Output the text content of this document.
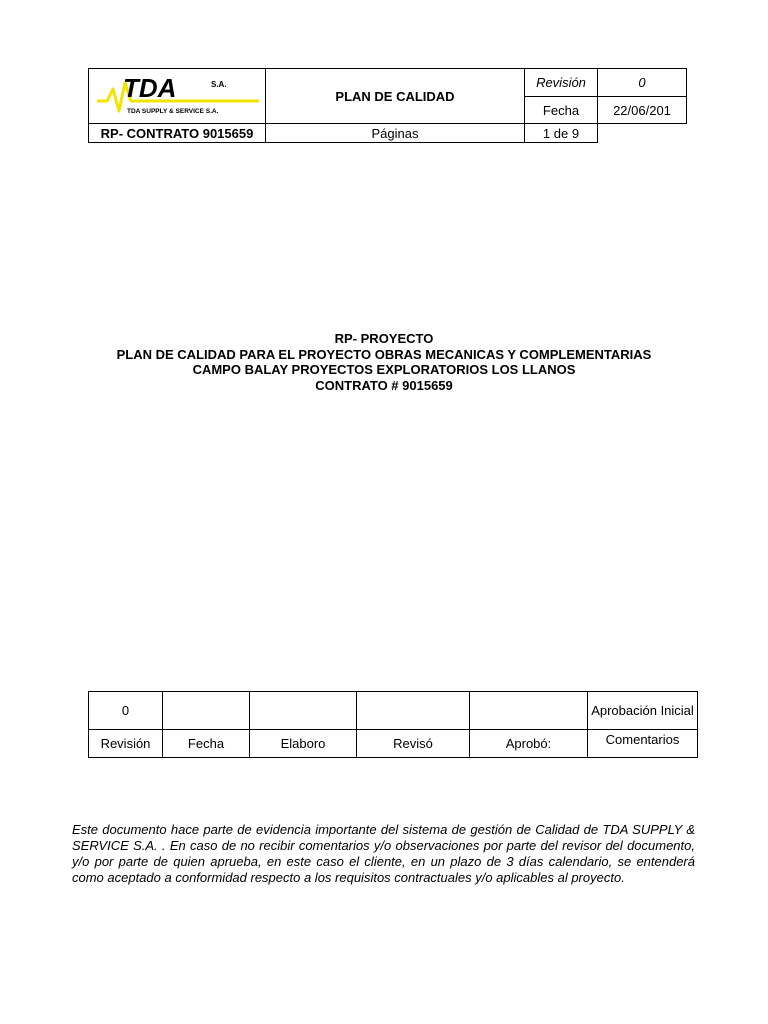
TDA S.A.
TDA SUPPLY & SERVICE S.A.	PLAN DE CALIDAD	Revisión	0
		Fecha	22/06/201
RP- CONTRATO 9015659	Páginas	1 de 9	
RP- PROYECTO
PLAN DE CALIDAD PARA EL PROYECTO OBRAS MECANICAS Y COMPLEMENTARIAS
CAMPO BALAY PROYECTOS EXPLORATORIOS LOS LLANOS
CONTRATO # 9015659
0					Aprobación Inicial
Revisión	Fecha	Elaboro	Revisó	Aprobó:	Comentarios

Este documento hace parte de evidencia importante del sistema de gestión de Calidad de TDA SUPPLY & SERVICE S.A. . En caso de no recibir comentarios y/o observaciones por parte del revisor del documento, y/o por parte de quien aprueba, en este caso el cliente, en un plazo de 3 días calendario, se entenderá como aceptado a conformidad respecto a los requisitos contractuales y/o aplicables al proyecto.
